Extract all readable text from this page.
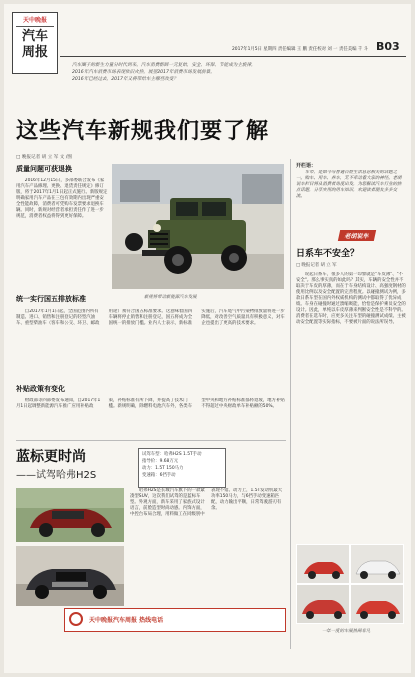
天中晚报
汽车
周报	2017年1月5日 星期四 责任编辑 王 鹏 责任校对 刘 一 责任美编 千 斗 B03
汽车圈子的新生力量分时代到来。汽车消费新鲜一元复始，安全、环保、节能成为主旋律，
2016年汽车消费市场表现依旧火热，展望2017年消费市场发展前景。
2016年已经过去，2017年又将带给车主哪些改变？
这些汽车新规我们要了解
□ 晚报记者 胡 立 军 文 /图
质量问题可获退换

2016年12月15日，多部委联合发布《家用汽车产品修理、更换、退货责任规定》修订版，将于2017年1月1日起正式施行。新版规定明确家用汽车产品在三包有效期内出现严重安全性能故障，消费者可凭购车发票要求退换车辆。同时，新规对经营者承担责任作了进一步规范，消费者权益将得到更好保障。

新规将带动新能源汽车发展
统一实行国五排放标准

自2017年1月1日起，全国范围内所有制造、进口、销售和注册登记的轻型汽油车、重型柴油车（客车和公交、环卫、邮政用途）须符合国五标准要求。这意味着国四车辆将停止销售和注册登记，国五将成为全国统一的排放门槛。业内人士表示，新标准实施后，汽车尾气中污染物排放量将进一步降低，对改善空气质量具有积极意义，对车企也提出了更高的技术要求。

补贴政策有变化

财政部等四部委发布通知，自2017年1月1日起调整新能源汽车推广应用补贴政策，补贴标准有所下降，并提高了技术门槛。新规明确，除燃料电池汽车外，各类车型中央和地方补贴标准都将退坡，地方补贴不得超过中央财政单车补贴额的50%。

开栏语：

车市，是如今与普通百姓生活息息相关的话题之一。购车、用车、养车，无不牵动着大家的神经。老胡说车栏目将从消费者角度出发，为您解读汽车行业的热点话题，分享实用的用车知识，欢迎读者朋友多多交流。

老胡说车
日系车不安全？
□ 晚报记者 胡 立 军

说起日系车，很多人的第一印象就是"车皮薄"、"不安全"。那么事实真的如此吗？其实，车辆的安全性并不取决于车皮的厚薄，而在于车身结构设计、高强度钢材的使用比例以及安全配置的完善程度。以碰撞测试为例，多款日系车型在国内外权威机构的测试中都取得了优异成绩。车身在碰撞时通过溃缩吸能，恰恰是保护乘员安全的设计。因此，单纯以车皮厚薄来判断安全性是不科学的。消费者在选车时，应更多关注车型的碰撞测试成绩、主被动安全配置等实际指标，不要被片面的说法所误导。

一年一度的车展热闹非凡
蓝标更时尚
——试驾哈弗H2S
试驾车型：哈弗H2S 1.5T手动
指导价：9.68万元
动力：1.5T 150马力
变速箱：6挡手动

哈弗H2S是长城汽车旗下的一款紧凑型SUV，这次我们试驾的是蓝标车型。外观方面，新车采用了家族式设计语言，前脸造型时尚动感。内饰方面，中控台布局合理，用料做工在同级别中表现不错。动力上，1.5T发动机最大功率150马力，与6挡手动变速箱匹配，动力输出平顺，日常驾驶游刃有余。

天中晚报汽车周报 热线电话
